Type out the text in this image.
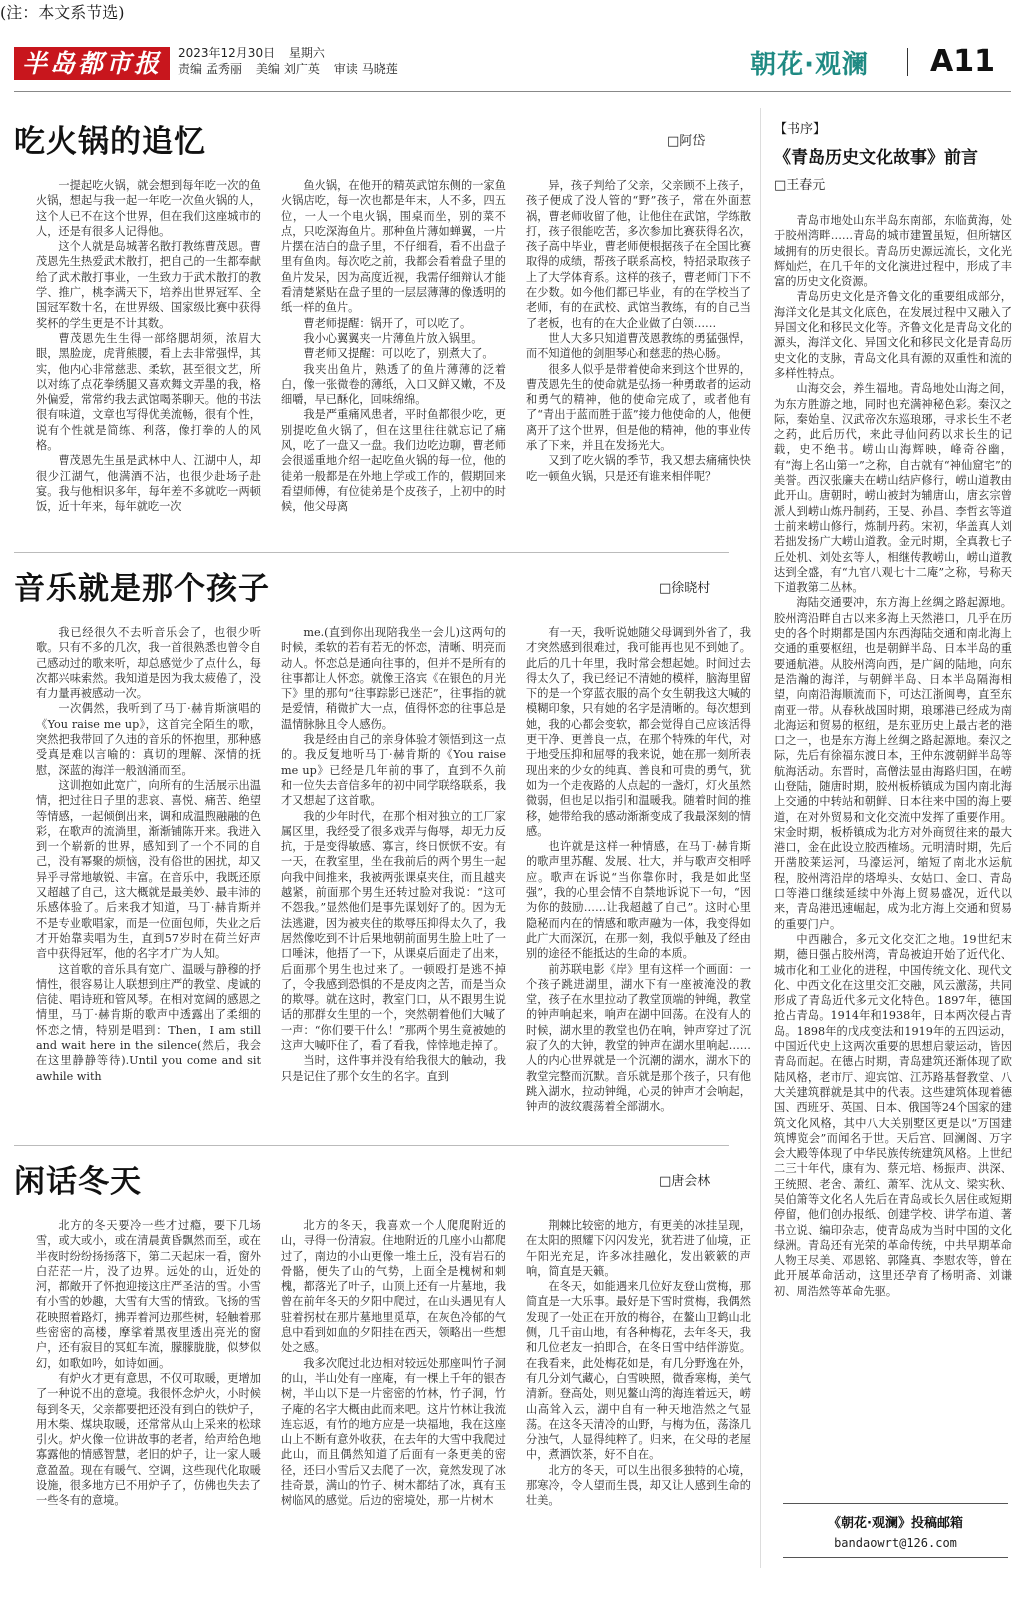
半岛都市报	2023年12月30日 星期六
责编 孟秀丽 美编 刘广英 审读 马晓莲	朝花·观澜 A11
吃火锅的追忆	□阿岱

一提起吃火锅，就会想到每年吃一次的鱼火锅，想起与我一起一年吃一次鱼火锅的人，这个人已不在这个世界，但在我们这座城市的人，还是有很多人记得他。

这个人就是岛城著名散打教练曹茂恩。曹茂恩先生热爱武术散打，把自己的一生都奉献给了武术散打事业，一生致力于武术散打的教学、推广，桃李满天下，培养出世界冠军、全国冠军数十名，在世界级、国家级比赛中获得奖杯的学生更是不计其数。

曹茂恩先生生得一部络腮胡须，浓眉大眼，黑脸庞，虎背熊腰，看上去非常强悍，其实，他内心非常慈悲、柔软，甚至很文艺，所以对练了点花拳绣腿又喜欢舞文弄墨的我，格外偏爱，常常约我去武馆喝茶聊天。他的书法很有味道，文章也写得优美流畅，很有个性，说有个性就是简练、利落，像打拳的人的风格。

曹茂恩先生虽是武林中人、江湖中人，却很少江湖气，他满酒不沾，也很少赴场子赴宴。我与他相识多年，每年差不多就吃一两顿饭，近十年来，每年就吃一次

鱼火锅，在他开的精英武馆东侧的一家鱼火锅店吃，每一次也都是年末，人不多，四五位，一人一个电火锅，围桌而坐，别的菜不点，只吃深海鱼片。那种鱼片薄如蝉翼，一片片摆在洁白的盘子里，不仔细看，看不出盘子里有鱼肉。每次吃之前，我都会看着盘子里的鱼片发呆，因为高度近视，我需仔细辩认才能看清楚紧贴在盘子里的一层层薄薄的像透明的纸一样的鱼片。

曹老师提醒：锅开了，可以吃了。

我小心翼翼夹一片薄鱼片放入锅里。

曹老师又提醒：可以吃了，别煮大了。

我夹出鱼片，熟透了的鱼片薄薄的泛着白，像一张微卷的薄纸，入口又鲜又嫩，不及细嚼，早已酥化，回味绵绵。

我是严重痛风患者，平时鱼都很少吃，更别提吃鱼火锅了，但在这里往往就忘记了痛风，吃了一盘又一盘。我们边吃边聊，曹老师会很遥重地介绍一起吃鱼火锅的每一位，他的徒弟一般都是在外地上学或工作的，假期回来看望师傅，有位徒弟是个皮孩子，上初中的时候，他父母离

异，孩子判给了父亲，父亲顾不上孩子，孩子便成了没人管的“野”孩子，常在外面惹祸，曹老师收留了他，让他住在武馆，学练散打，孩子很能吃苦，多次参加比赛获得名次，孩子高中毕业，曹老师便根据孩子在全国比赛取得的成绩，帮孩子联系高校，特招录取孩子上了大学体育系。这样的孩子，曹老师门下不在少数。如今他们都已毕业，有的在学校当了老师，有的在武校、武馆当教练，有的自己当了老板，也有的在大企业做了白领……

世人大多只知道曹茂恩教练的勇猛强悍，而不知道他的剑胆琴心和慈悲的热心肠。

很多人似乎是带着使命来到这个世界的，曹茂恩先生的使命就是弘扬一种勇敢者的运动和勇气的精神，他的使命完成了，或者他有了“青出于蓝而胜于蓝”接力他使命的人，他便离开了这个世界，但是他的精神，他的事业传承了下来，并且在发扬光大。

又到了吃火锅的季节，我又想去痛痛快快吃一顿鱼火锅，只是还有谁来相伴呢？

音乐就是那个孩子	□徐晓村

我已经很久不去听音乐会了，也很少听歌。只有不多的几次，我一首很熟悉也曾令自己感动过的歌来听，却总感觉少了点什么，每次都兴味索然。我知道是因为我太疲倦了，没有力量再被感动一次。

一次偶然，我听到了马丁·赫肯斯演唱的《You raise me up》，这首完全陌生的歌，突然把我带回了久违的音乐的怀抱里，那种感受真是难以言喻的：真切的理解、深情的抚慰，深蓝的海洋一般汹涌而至。

这训抱如此宽广，向所有的生活展示出温情，把过往日子里的悲哀、喜悦、痛苦、绝望等情感，一起倾倒出来，调和成温煦融融的色彩，在歌声的流淌里，渐渐铺陈开来。我进入到一个崭新的世界，感知到了一个不同的自己，没有幂聚的烦恼，没有俗世的困扰，却又异乎寻常地敏锐、丰富。在音乐中，我既还原又超越了自己，这大概就是最美妙、最丰沛的乐感体验了。后来我才知道，马丁·赫肯斯并不是专业歌唱家，而是一位面包师，失业之后才开始靠卖唱为生，直到57岁时在荷兰好声音中获得冠军，他的名字才广为人知。

这首歌的音乐具有宽广、温暖与静穆的抒情性，很容易让人联想到庄严的教堂、虔诚的信徒、唱诗班和管风琴。在相对宽阔的感恩之情里，马丁·赫肯斯的歌声中透露出了柔细的怀恋之情，特别是唱到：Then，I am still and wait here in the silence(然后，我会在这里静静等待).Until you come and sit awhile with

me.(直到你出现陪我坐一会儿)这两句的时候，柔软的若有若无的怀恋，清晰、明亮而动人。怀恋总是通向往事的，但并不是所有的往事都让人怀恋。就像王洛宾《在银色的月光下》里的那句“往事踪影已迷茫”，往事指的就是爱情，稍微扩大一点，值得怀恋的往事总是温情脉脉且令人感伤。

我是经由自己的亲身体验才领悟到这一点的。我反复地听马丁·赫肯斯的《You raise me up》已经是几年前的事了，直到不久前和一位失去音信多年的初中同学联络联系，我才又想起了这首歌。

我的少年时代，在那个相对独立的工厂家属区里，我经受了很多戏弄与侮辱，却无力反抗，于是变得敏感、寡言，终日恹恹不安。有一天，在教室里，坐在我前后的两个男生一起向我中间推来，我被两张课桌夹住，而且越夹越紧，前面那个男生还转过脸对我说：“这可不怨我。”显然他们是事先谋划好了的。因为无法逃避，因为被夹住的欺辱压抑得太久了，我居然像吃到不计后果地朝前面男生脸上吐了一口唾沫，他捂了一下，从课桌后面走了出来，后面那个男生也过来了。一顿殴打是逃不掉了，令我感到恐惧的不是皮肉之苦，而是当众的欺辱。就在这时，教室门口，从不跟男生说话的那群女生里的一个，突然朝着他们大喊了一声：“你们要干什么！”那两个男生竟被她的这声大喊吓住了，看了看我，悻悻地走掉了。

当时，这件事并没有给我很大的触动，我只是记住了那个女生的名字。直到

有一天，我听说她随父母调到外省了，我才突然感到很难过，我可能再也见不到她了。此后的几十年里，我时常会想起她。时间过去得太久了，我已经记不清她的模样，脑海里留下的是一个穿蓝衣服的高个女生朝我这大喊的模糊印象，只有她的名字是清晰的。每次想到她，我的心都会变软，都会觉得自己应该活得更干净、更善良一点，在那个特殊的年代，对于地受压抑和屈辱的我来说，她在那一刻所表现出来的少女的纯真、善良和可贵的勇气，犹如为一个走夜路的人点起的一盏灯，灯火虽然微弱，但也足以指引和温暖我。随着时间的推移，她带给我的感动渐渐变成了我最深刻的情感。

也许就是这样一种情感，在马丁·赫肯斯的歌声里苏醒、发展、壮大，并与歌声交相呼应。歌声在诉说“当你靠你时，我是如此坚强”，我的心里会情不自禁地诉说下一句，“因为你的鼓励……让我超越了自己”。这时心里隐秘而内在的情感和歌声融为一体，我变得如此广大而深沉，在那一刻，我似乎触及了经由别的途径不能抵达的生命的本质。

前苏联电影《岸》里有这样一个画面：一个孩子跳进湖里，湖水下有一座被淹没的教堂，孩子在水里拉动了教堂顶端的钟绳，教堂的钟声响起来，响声在湖中回荡。在没有人的时候，湖水里的教堂也仍在响，钟声穿过了沉寂了久的大钟，教堂的钟声在湖水里响起……人的内心世界就是一个沉潮的湖水，湖水下的教堂完整而沉默。音乐就是那个孩子，只有他跳入湖水，拉动钟绳，心灵的钟声才会响起，钟声的波纹震荡着全部湖水。

闲话冬天	□唐会林

北方的冬天要冷一些才过瘾，要下几场雪，或大或小，或在清晨黄昏飘然而至，或在半夜时纷纷扬扬落下，第二天起床一看，窗外白茫茫一片，没了边界。远处的山，近处的河，都敞开了怀抱迎接这庄严圣洁的雪。小雪有小雪的妙趣，大雪有大雪的情致。飞扬的雪花映照着路灯，拂弄着河边那些树，轻触着那些密密的高楼，摩挲着黑夜里透出亮光的窗户，还有寂目的冥虹车流，朦朦胧胧，似梦似幻，如歌如吟，如诗如画。

有炉火才更有意思，不仅可取暖，更增加了一种说不出的意境。我很怀念炉火，小时候每到冬天，父亲都要把还没有到白的铁炉子，用木柴、煤块取暖，还常常从山上采来的松球引火。炉火像一位讲故事的老者，给声给色地寡露他的情感智慧，老旧的炉子，让一家人暖意盈盈。现在有暖气、空调，这些现代化取暖设施，很多地方已不用炉子了，仿佛也失去了一些冬有的意境。

北方的冬天，我喜欢一个人爬爬附近的山，寻得一份清寂。住地附近的几座小山都爬过了，南边的小山更像一堆土丘，没有岩石的骨骼，便失了山的气势，上面全是槐树和刺槐，都落光了叶子，山顶上还有一片墓地，我曾在前年冬天的夕阳中爬过，在山头遇见有人驻着拐杖在那片墓地里觅草，在灰色冷郁的气息中看到如血的夕阳挂在西天，领略出一些想处之感。

我多次爬过北边相对较远处那座叫竹子洞的山，半山处有一座庵，有一棵上千年的银杏树，半山以下是一片密密的竹林，竹子洞，竹子庵的名字大概由此而来吧。这片竹林让我流连忘返，有竹的地方应是一块福地，我在这座山上不断有意外收获，在去年的大雪中我爬过此山，而且偶然知道了后面有一条更美的密径，还曰小雪后又去爬了一次，竟然发现了冰挂奇景，满山的竹子、树木都结了冰，真有玉树临风的感觉。后边的密境处，那一片树木

荆棘比较密的地方，有更美的冰挂呈现，在太阳的照耀下闪闪发光，犹若进了仙境，正午阳光充足，许多冰挂融化，发出簌簌的声响，简直是天籁。

在冬天，如能遇来几位好友登山赏梅，那简直是一大乐事。最好是下雪时赏梅，我偶然发现了一处正在开放的梅谷，在鳌山卫鹤山北侧，几千亩山地，有各种梅花，去年冬天，我和几位老友一拍即合，在冬日雪中结伴游览。在我看来，此处梅花如是，有几分野逸在外，有几分刘气藏心，白雪映照，微香寒梅，美气清新。登高处，则见鳌山湾的海连着远天，崂山高耸入云，湖中自有一种天地浩然之气显荡。在这冬天清冷的山野，与梅为伍，荡涤几分浊气，人显得纯粹了。归来，在父母的老屋中，煮酒饮茶，好不自在。

北方的冬天，可以生出很多独特的心境，那寒冷，令人望而生畏，却又让人感到生命的壮美。

【书序】
《青岛历史文化故事》前言
□王春元

青岛市地处山东半岛东南部，东临黄海，处于胶州湾畔……青岛的城市建置虽短，但所辖区域拥有的历史很长。青岛历史源远流长，文化光辉灿烂，在几千年的文化演进过程中，形成了丰富的历史文化资源。

青岛历史文化是齐鲁文化的重要组成部分，海洋文化是其文化底色，在发展过程中又融入了异国文化和移民文化等。齐鲁文化是青岛文化的源头，海洋文化、异国文化和移民文化是青岛历史文化的支脉，青岛文化具有源的双重性和流的多样性特点。

山海交会，养生福地。青岛地处山海之间，为东方胜游之地，同时也充满神秘色彩。秦汉之际，秦始皇、汉武帝次东巡琅琊，寻求长生不老之药，此后历代，来此寻仙问药以求长生的记载，史不绝书。崂山山海辉映，峰奇谷幽，有“海上名山第一”之称，自古就有“神仙窟宅”的美誉。西汉张廉夫在崂山结庐修行，崂山道教由此开山。唐朝时，崂山被封为辅唐山，唐玄宗曾派人到崂山炼丹制药，王旻、孙昌、李哲玄等道士前来崂山修行，炼制丹药。宋初，华盖真人刘若拙发扬广大崂山道教。金元时期，全真教七子丘处机、刘处玄等人，相继传教崂山，崂山道教达到全盛，有“九官八观七十二庵”之称，号称天下道教第二丛林。

海陆交通要冲，东方海上丝绸之路起源地。胶州湾沿畔自古以来多海上天然港口，几乎在历史的各个时期都是国内东西海陆交通和南北海上交通的重要枢纽，也是朝鲜半岛、日本半岛的重要通航港。从胶州湾向西，是广阔的陆地，向东是浩瀚的海洋，与朝鲜半岛、日本半岛隔海相望，向南沿海顺流而下，可达江浙闽粤，直至东南亚一带。从春秋战国时期，琅琊港已经成为南北海运和贸易的枢纽，是东亚历史上最古老的港口之一，也是东方海上丝绸之路起源地。秦汉之际，先后有徐福东渡日本，王仲东渡朝鲜半岛等航海活动。东晋时，高僧法显由海路归国，在崂山登陆，随唐时期，胶州板桥镇成为国内南北海上交通的中转站和朝鲜、日本往来中国的海上要道，在对外贸易和文化交流中发挥了重要作用。宋金时期，板桥镇成为北方对外商贸往来的最大港口，金在此设立胶西榷场。元明清时期，先后开凿胶莱运河，马濠运河，缩短了南北水运航程，胶州湾沿岸的塔埠头、女姑口、金口、青岛口等港口继续延续中外海上贸易盛况，近代以来，青岛港迅速崛起，成为北方海上交通和贸易的重要门户。

中西融合，多元文化交汇之地。19世纪末期，德日强占胶州湾，青岛被迫开始了近代化、城市化和工业化的进程，中国传统文化、现代文化、中西文化在这里交汇交融，风云激荡，共同形成了青岛近代多元文化特色。1897年，德国抢占青岛。1914年和1938年，日本两次侵占青岛。1898年的戊戌变法和1919年的五四运动，中国近代史上这两次重要的思想启蒙运动，皆因青岛而起。在德占时期，青岛建筑还渐体现了欧陆风格，老市厅、迎宾馆、江苏路基督教堂、八大关建筑群就是其中的代表。这些建筑体现着德国、西班牙、英国、日本、俄国等24个国家的建筑文化风格，其中八大关别墅区更是以“万国建筑博览会”而闻名于世。天后宫、回澜阁、万字会大殿等体现了中华民族传统建筑风格。上世纪二三十年代，康有为、蔡元培、杨振声、洪深、王统照、老舍、萧红、萧军、沈从文、梁实秋、吴伯箫等文化名人先后在青岛或长久居住或短期停留，他们创办报纸、创建学校、讲学布道、著书立说、编印杂志，使青岛成为当时中国的文化绿洲。青岛还有光荣的革命传统，中共早期革命人物王尽美、邓恩铭、郭隆真、李慰农等，曾在此开展革命活动，这里还孕育了杨明斋、刘谦初、周浩然等革命先驱。

(注：本文系节选)
《朝花·观澜》投稿邮箱
bandaowrt@126.com
